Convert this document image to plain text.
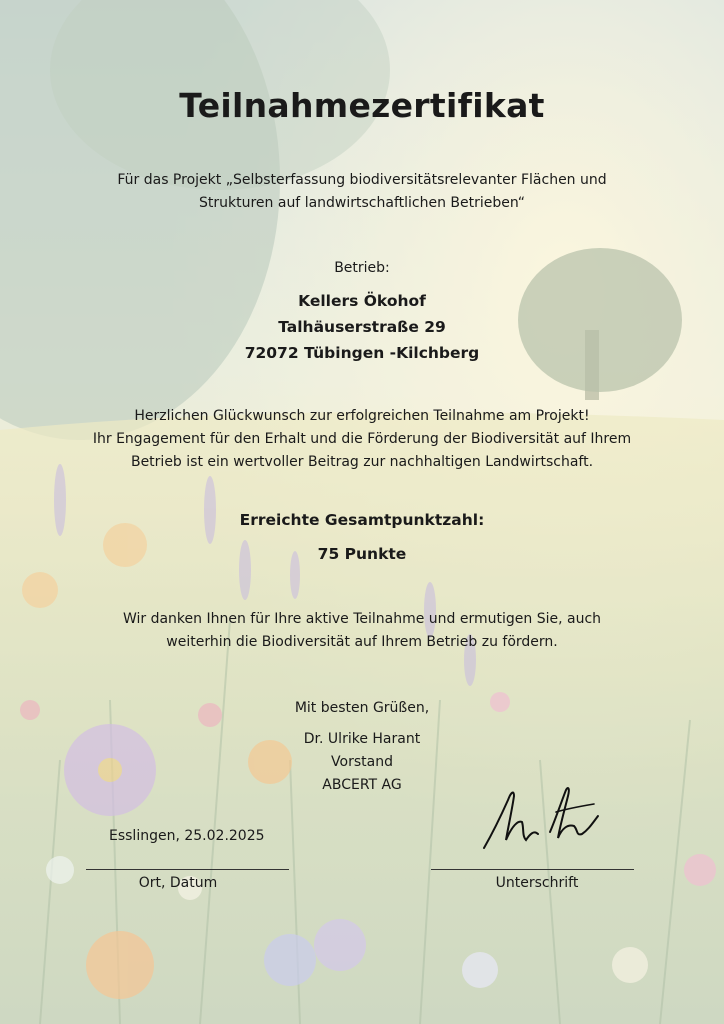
Teilnahmezertifikat
Für das Projekt „Selbsterfassung biodiversitätsrelevanter Flächen und
Strukturen auf landwirtschaftlichen Betrieben“
Betrieb:
Kellers Ökohof
Talhäuserstraße 29
72072 Tübingen -Kilchberg
Herzlichen Glückwunsch zur erfolgreichen Teilnahme am Projekt!
Ihr Engagement für den Erhalt und die Förderung der Biodiversität auf Ihrem
Betrieb ist ein wertvoller Beitrag zur nachhaltigen Landwirtschaft.
Erreichte Gesamtpunktzahl:
75 Punkte
Wir danken Ihnen für Ihre aktive Teilnahme und ermutigen Sie, auch
weiterhin die Biodiversität auf Ihrem Betrieb zu fördern.
Mit besten Grüßen,
Dr. Ulrike Harant
Vorstand
ABCERT AG
Esslingen, 25.02.2025
Ort, Datum	Unterschrift
